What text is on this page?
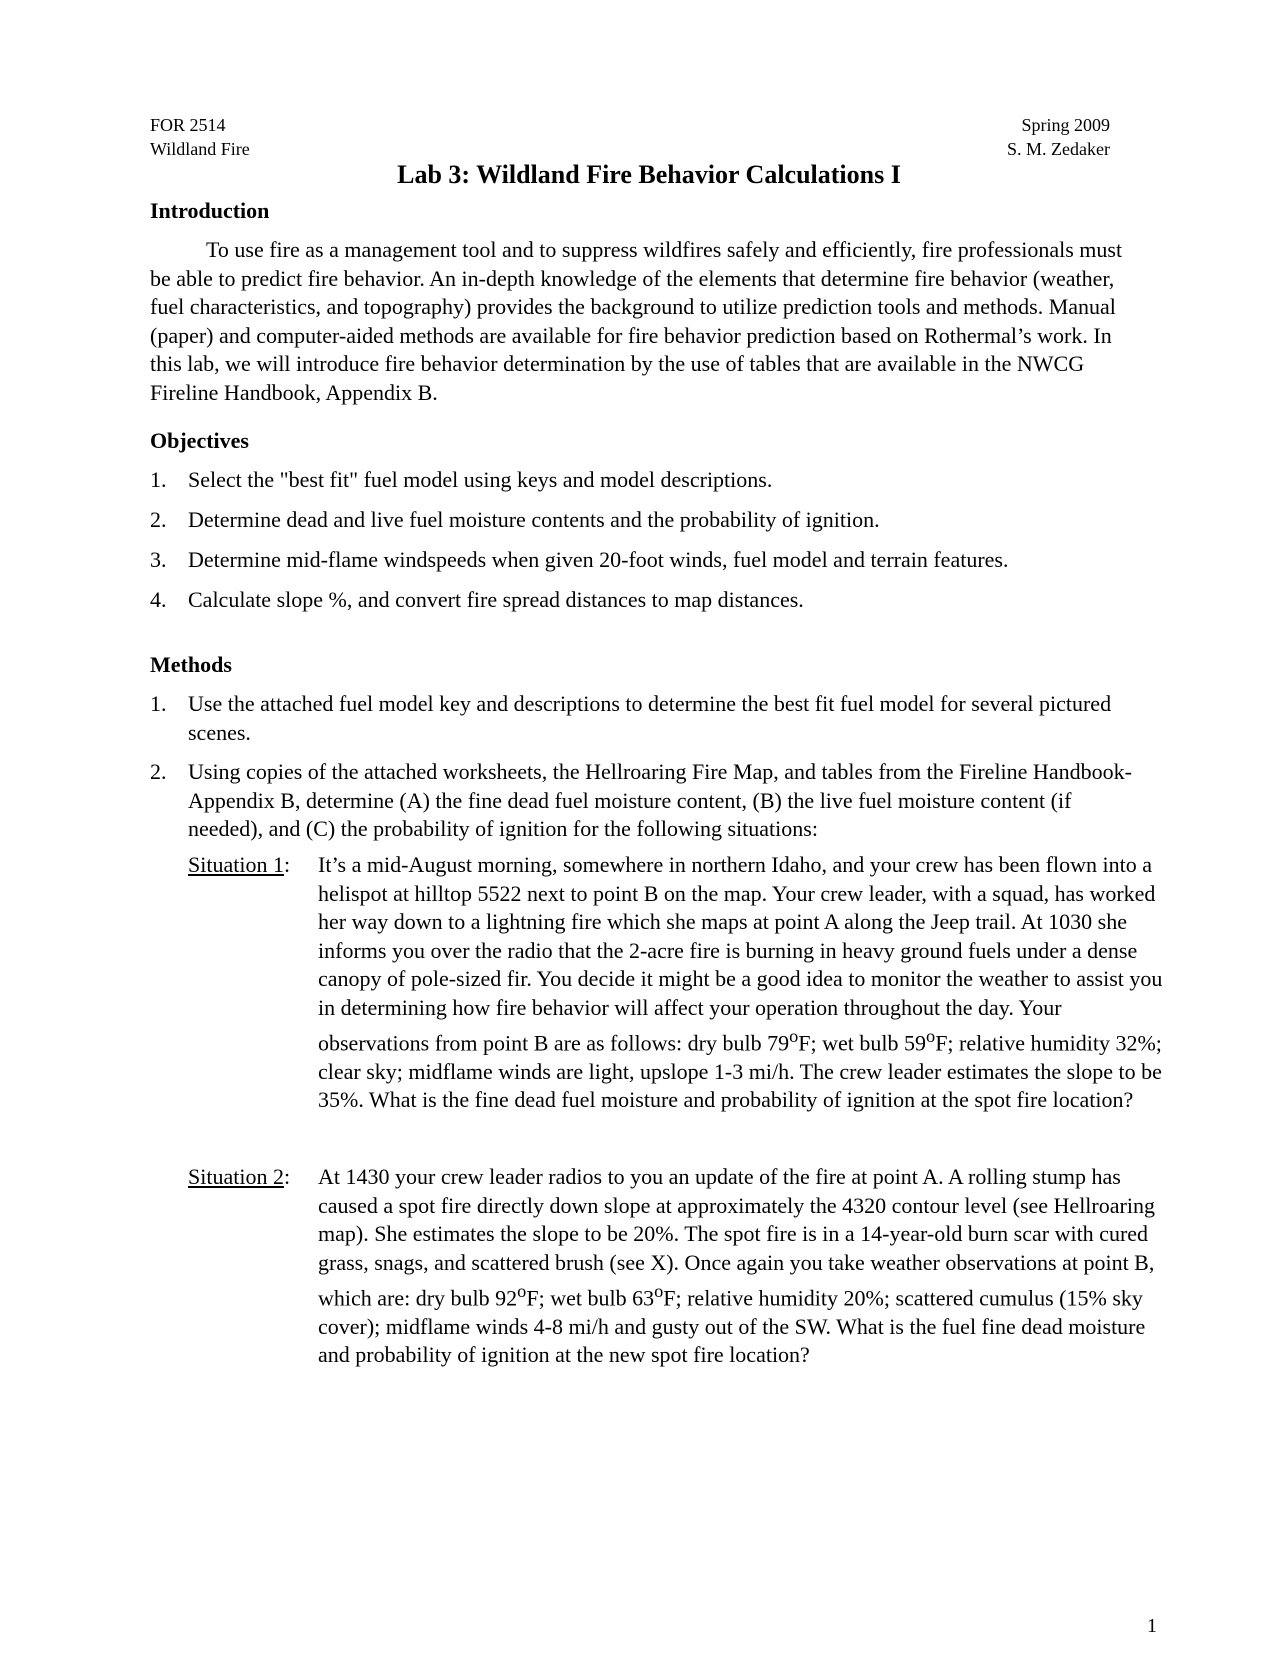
FOR 2514
Wildland Fire
Spring 2009
S. M. Zedaker
Lab 3: Wildland Fire Behavior Calculations I
Introduction
To use fire as a management tool and to suppress wildfires safely and efficiently, fire professionals must be able to predict fire behavior. An in-depth knowledge of the elements that determine fire behavior (weather, fuel characteristics, and topography) provides the background to utilize prediction tools and methods. Manual (paper) and computer-aided methods are available for fire behavior prediction based on Rothermal’s work. In this lab, we will introduce fire behavior determination by the use of tables that are available in the NWCG Fireline Handbook, Appendix B.
Objectives
1. Select the "best fit" fuel model using keys and model descriptions.
2. Determine dead and live fuel moisture contents and the probability of ignition.
3. Determine mid-flame windspeeds when given 20-foot winds, fuel model and terrain features.
4. Calculate slope %, and convert fire spread distances to map distances.
Methods
1. Use the attached fuel model key and descriptions to determine the best fit fuel model for several pictured scenes.
2. Using copies of the attached worksheets, the Hellroaring Fire Map, and tables from the Fireline Handbook-Appendix B, determine (A) the fine dead fuel moisture content, (B) the live fuel moisture content (if needed), and (C) the probability of ignition for the following situations:
Situation 1: It’s a mid-August morning, somewhere in northern Idaho, and your crew has been flown into a helispot at hilltop 5522 next to point B on the map. Your crew leader, with a squad, has worked her way down to a lightning fire which she maps at point A along the Jeep trail. At 1030 she informs you over the radio that the 2-acre fire is burning in heavy ground fuels under a dense canopy of pole-sized fir. You decide it might be a good idea to monitor the weather to assist you in determining how fire behavior will affect your operation throughout the day. Your observations from point B are as follows: dry bulb 79$^o$F; wet bulb 59$^o$F; relative humidity 32%; clear sky; midflame winds are light, upslope 1-3 mi/h. The crew leader estimates the slope to be 35%. What is the fine dead fuel moisture and probability of ignition at the spot fire location?
Situation 2: At 1430 your crew leader radios to you an update of the fire at point A. A rolling stump has caused a spot fire directly down slope at approximately the 4320 contour level (see Hellroaring map). She estimates the slope to be 20%. The spot fire is in a 14-year-old burn scar with cured grass, snags, and scattered brush (see X). Once again you take weather observations at point B, which are: dry bulb 92$^o$F; wet bulb 63$^o$F; relative humidity 20%; scattered cumulus (15% sky cover); midflame winds 4-8 mi/h and gusty out of the SW. What is the fuel fine dead moisture and probability of ignition at the new spot fire location?
1
